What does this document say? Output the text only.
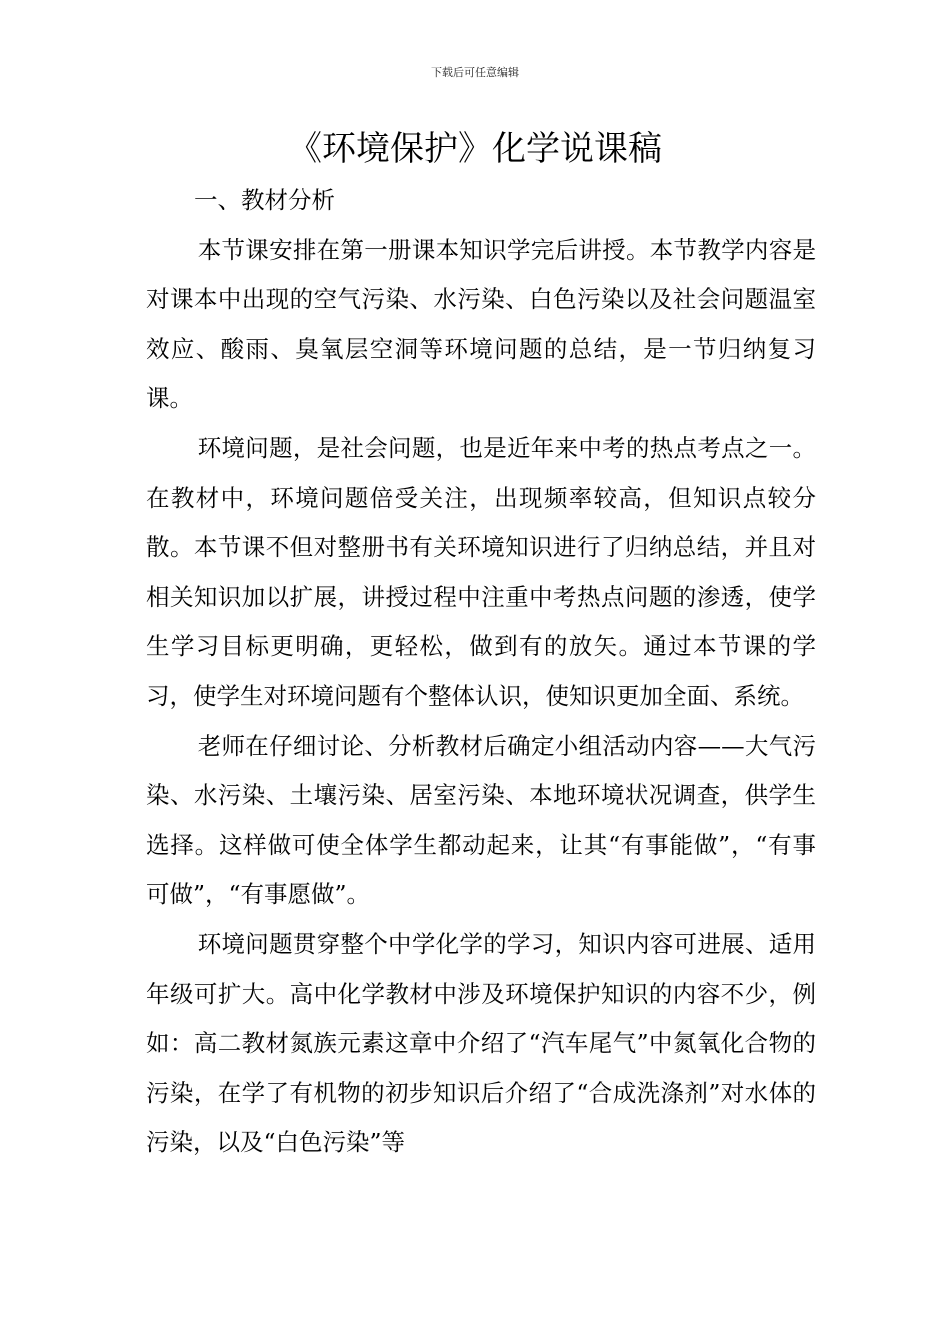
下载后可任意编辑
《环境保护》化学说课稿
一、教材分析

本节课安排在第一册课本知识学完后讲授。本节教学内容是对课本中出现的空气污染、水污染、白色污染以及社会问题温室效应、酸雨、臭氧层空洞等环境问题的总结，是一节归纳复习课。

环境问题，是社会问题，也是近年来中考的热点考点之一。在教材中，环境问题倍受关注，出现频率较高，但知识点较分散。本节课不但对整册书有关环境知识进行了归纳总结，并且对相关知识加以扩展，讲授过程中注重中考热点问题的渗透，使学生学习目标更明确，更轻松，做到有的放矢。通过本节课的学习，使学生对环境问题有个整体认识，使知识更加全面、系统。

老师在仔细讨论、分析教材后确定小组活动内容——大气污染、水污染、土壤污染、居室污染、本地环境状况调查，供学生选择。这样做可使全体学生都动起来，让其“有事能做”，“有事可做”，“有事愿做”。

环境问题贯穿整个中学化学的学习，知识内容可进展、适用年级可扩大。高中化学教材中涉及环境保护知识的内容不少，例如：高二教材氮族元素这章中介绍了“汽车尾气”中氮氧化合物的污染，在学了有机物的初步知识后介绍了“合成洗涤剂”对水体的污染，以及“白色污染”等
